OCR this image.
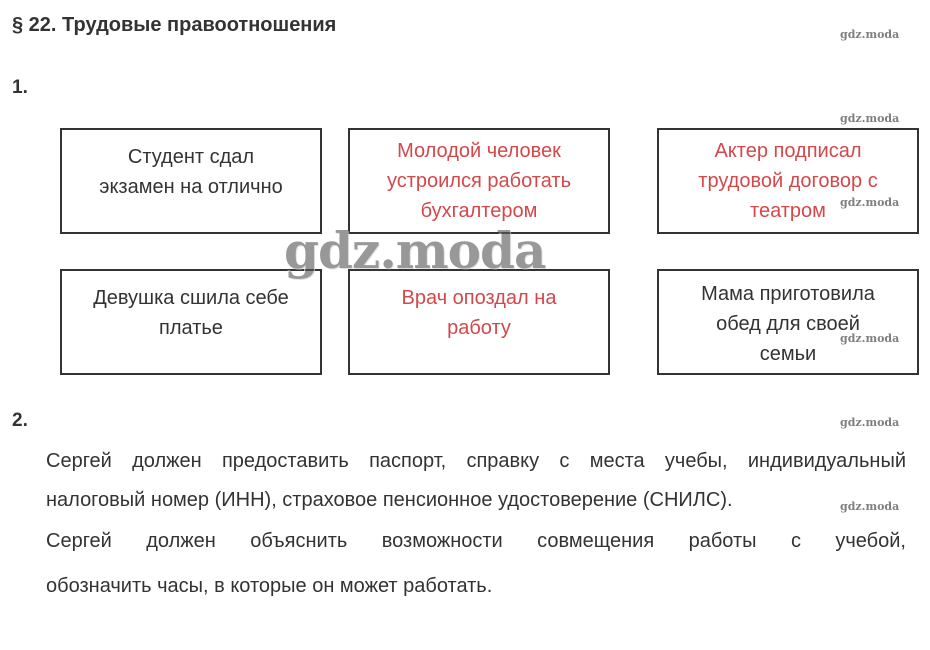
§ 22. Трудовые правоотношения	gdz.moda
gdz.moda
gdz.moda
gdz.moda
gdz.moda
gdz.moda
1.
Студент сдал
экзамен на отлично
Молодой человек
устроился работать
бухгалтером
Актер подписал
трудовой договор с
театром
Девушка сшила себе
платье
Врач опоздал на
работу
Мама приготовила
обед для своей
семьи
gdz.moda
2.
Сергей должен предоставить паспорт, справку с места учебы, индивидуальный
налоговый номер (ИНН), страховое пенсионное удостоверение (СНИЛС).
Сергей должен объяснить возможности совмещения работы с учебой,
обозначить часы, в которые он может работать.
